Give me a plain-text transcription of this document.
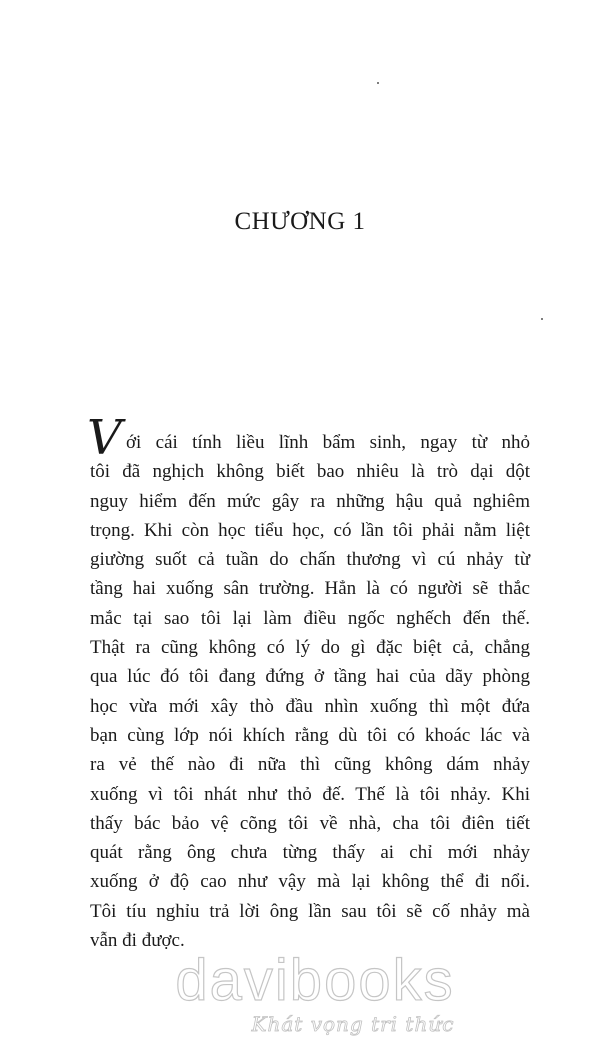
CHƯƠNG 1
V ới cái tính liều lĩnh bẩm sinh, ngay từ nhỏ
tôi đã nghịch không biết bao nhiêu là trò dại dột
nguy hiểm đến mức gây ra những hậu quả nghiêm
trọng. Khi còn học tiểu học, có lần tôi phải nằm liệt
giường suốt cả tuần do chấn thương vì cú nhảy từ
tầng hai xuống sân trường. Hẳn là có người sẽ thắc
mắc tại sao tôi lại làm điều ngốc nghếch đến thế.
Thật ra cũng không có lý do gì đặc biệt cả, chẳng
qua lúc đó tôi đang đứng ở tầng hai của dãy phòng
học vừa mới xây thò đầu nhìn xuống thì một đứa
bạn cùng lớp nói khích rằng dù tôi có khoác lác và
ra vẻ thế nào đi nữa thì cũng không dám nhảy
xuống vì tôi nhát như thỏ đế. Thế là tôi nhảy. Khi
thấy bác bảo vệ cõng tôi về nhà, cha tôi điên tiết
quát rằng ông chưa từng thấy ai chỉ mới nhảy
xuống ở độ cao như vậy mà lại không thể đi nổi.
Tôi tíu nghỉu trả lời ông lần sau tôi sẽ cố nhảy mà
vẫn đi được.
davibooks
Khát vọng tri thức
